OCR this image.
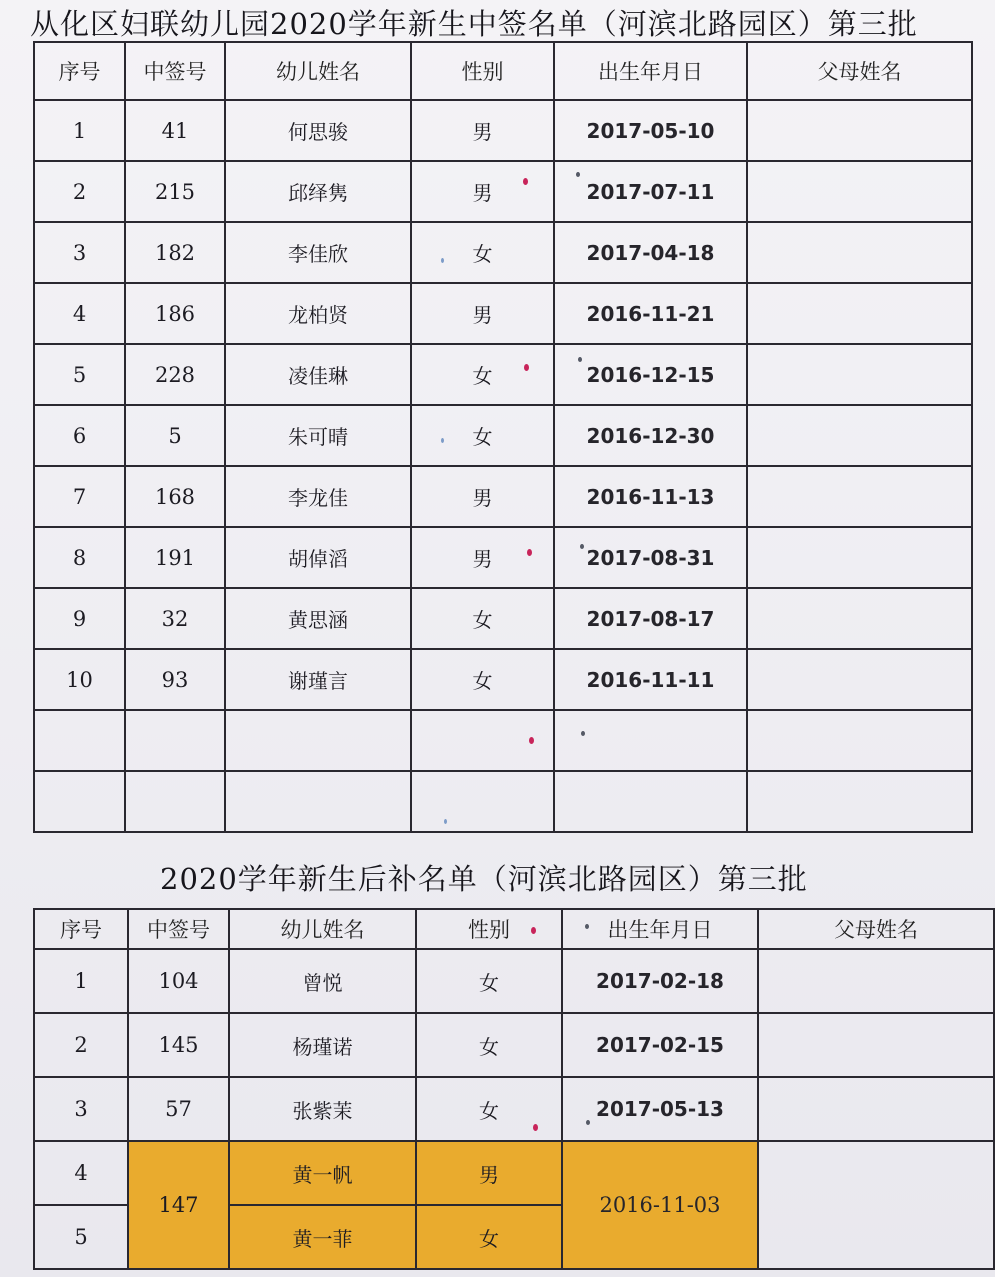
从化区妇联幼儿园2020学年新生中签名单（河滨北路园区）第三批
序号	中签号	幼儿姓名	性别	出生年月日	父母姓名
1	41	何思骏	男	2017-05-10	
2	215	邱绎隽	男	2017-07-11	
3	182	李佳欣	女	2017-04-18	
4	186	龙柏贤	男	2016-11-21	
5	228	凌佳琳	女	2016-12-15	
6	5	朱可晴	女	2016-12-30	
7	168	李龙佳	男	2016-11-13	
8	191	胡倬滔	男	2017-08-31	
9	32	黄思涵	女	2017-08-17	
10	93	谢瑾言	女	2016-11-11	

2020学年新生后补名单（河滨北路园区）第三批
序号	中签号	幼儿姓名	性别	出生年月日	父母姓名
1	104	曾悦	女	2017-02-18	
2	145	杨瑾诺	女	2017-02-15	
3	57	张紫茉	女	2017-05-13	
4	147	黄一帆	男	2016-11-03	
5		黄一菲	女		
